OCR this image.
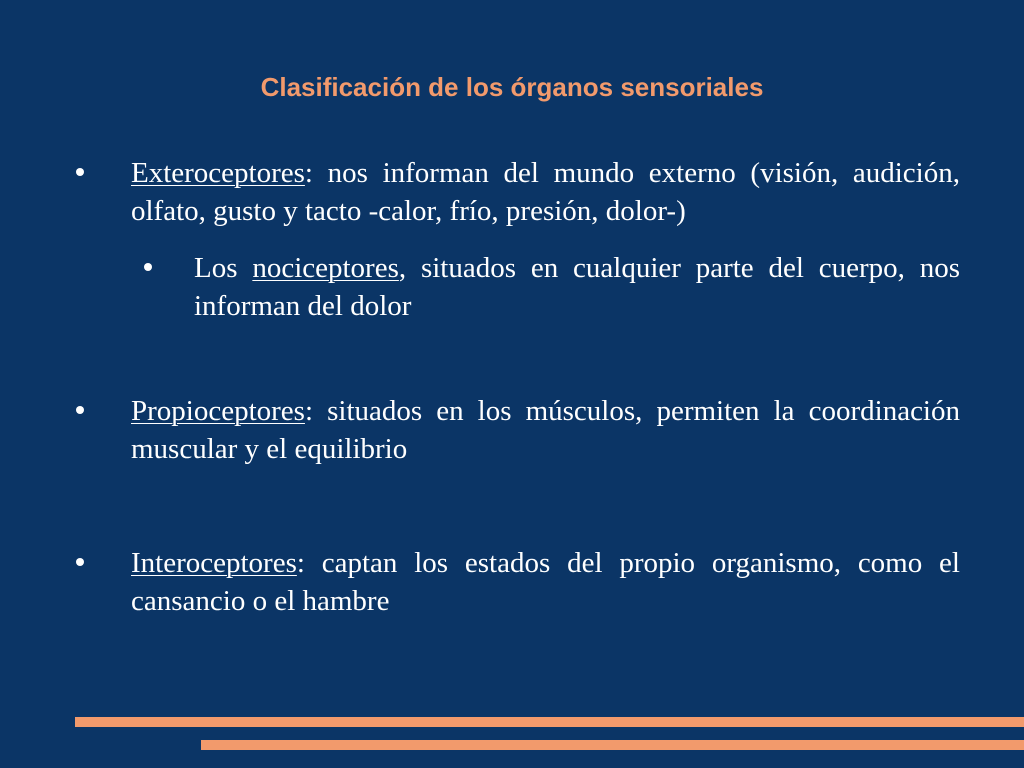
Clasificación de los órganos sensoriales
Exteroceptores: nos informan del mundo externo (visión, audición, olfato, gusto y tacto -calor, frío, presión, dolor-)
Los nociceptores, situados en cualquier parte del cuerpo, nos informan del dolor
Propioceptores: situados en los músculos, permiten la coordinación muscular y el equilibrio
Interoceptores: captan los estados del propio organismo, como el cansancio o el hambre
